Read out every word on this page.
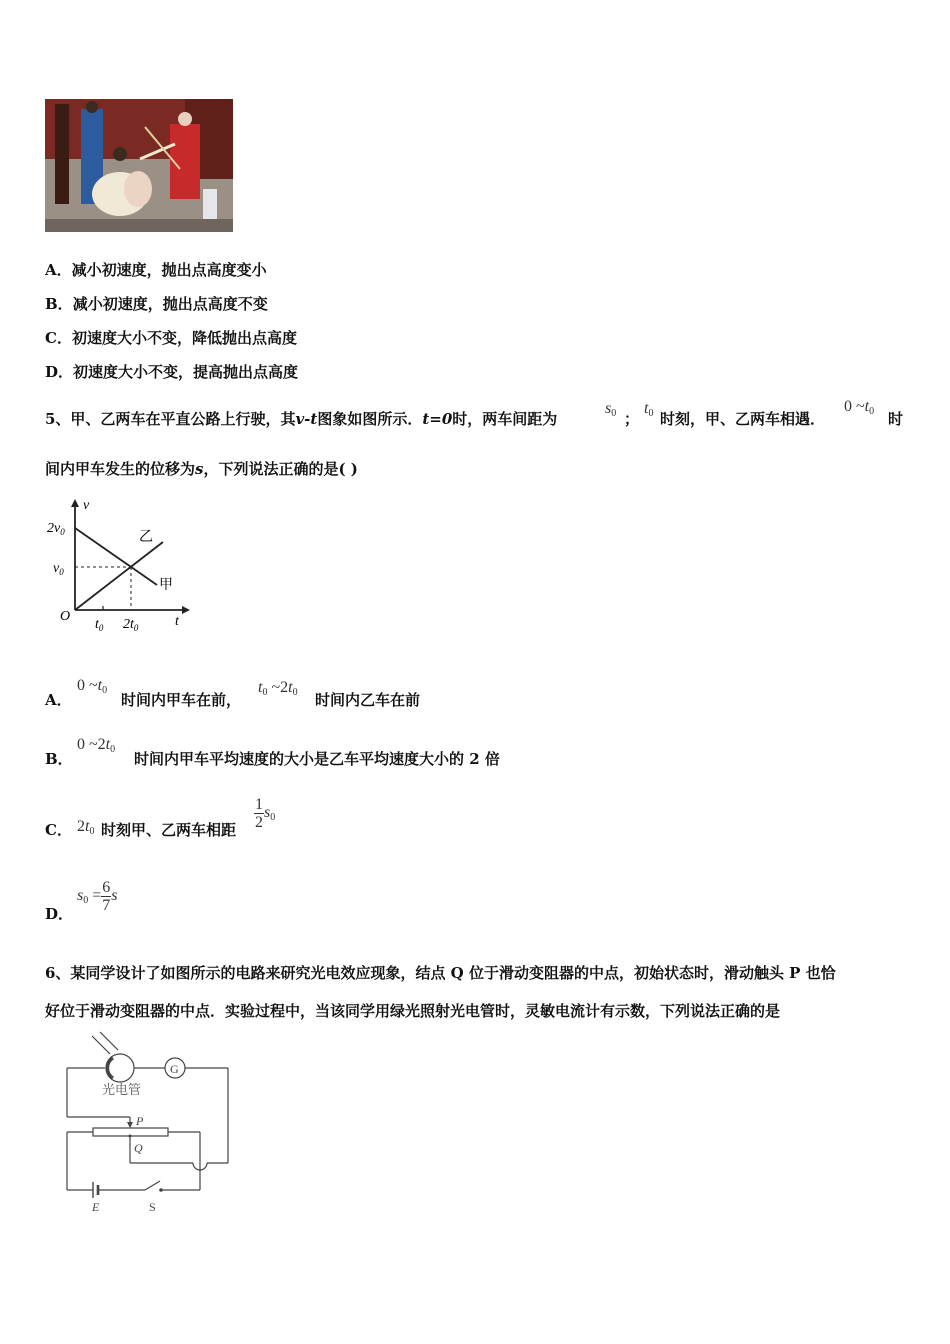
A．减小初速度，抛出点高度变小
B．减小初速度，抛出点高度不变
C．初速度大小不变，降低抛出点高度
D．初速度大小不变，提高抛出点高度
5、甲、乙两车在平直公路上行驶，其v-t图象如图所示．t=0时，两车间距为
$s_0$ ；
$t_0$ 时刻，甲、乙两车相遇．
0 $\sim t_0$ 时
间内甲车发生的位移为s，下列说法正确的是( )
v
$2v_0$
$v_0$
O
$t_0$ $2t_0$	t
乙
甲
A．
0 $\sim t_0$
时间内甲车在前，
$t_0$ $\sim 2t_0$ 时间内乙车在前
B．
0 $\sim 2t_0$
时间内甲车平均速度的大小是乙车平均速度大小的 2 倍
C． $2t_0$ 时刻甲、乙两车相距 $\frac{1}{2} s_0$
D．
$s_0 = \frac{6}{7}$ s
6、某同学设计了如图所示的电路来研究光电效应现象，结点 Q 位于滑动变阻器的中点，初始状态时，滑动触头 P 也恰
好位于滑动变阻器的中点．实验过程中，当该同学用绿光照射光电管时，灵敏电流计有示数，下列说法正确的是
光电管
G
P
Q
E	S
